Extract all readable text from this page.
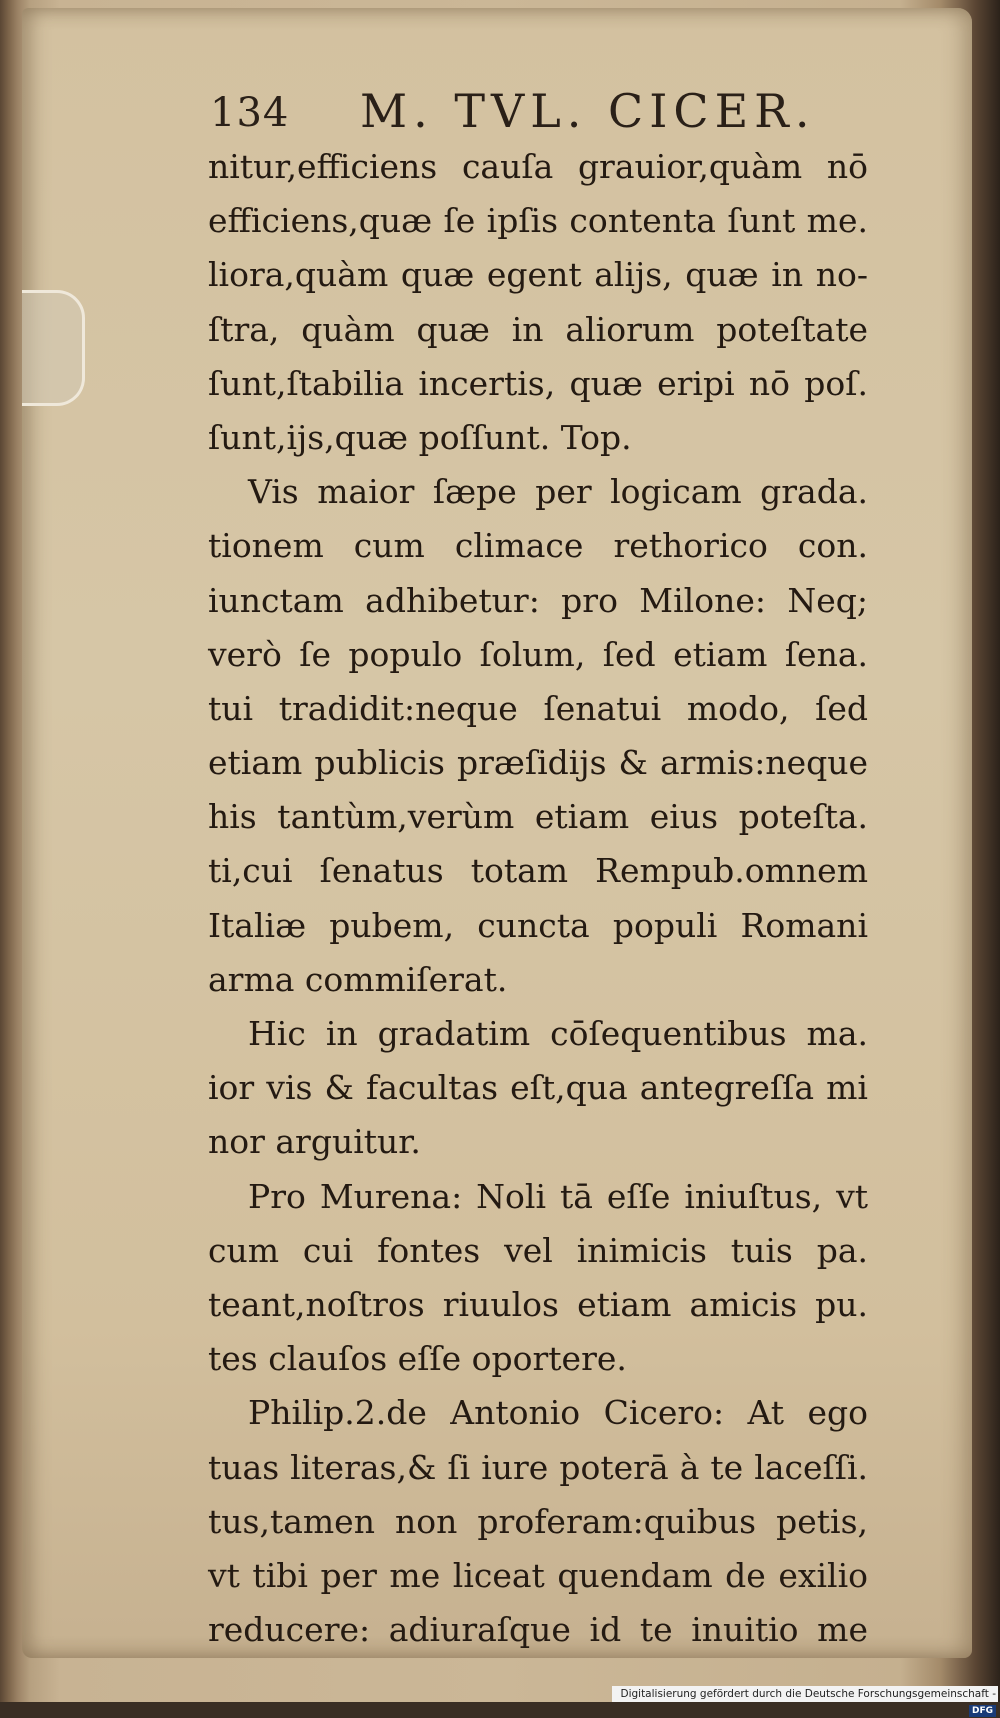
134 M. TVL. CICER.
nitur,efficiens cauſa grauior,quàm nō
efficiens,quæ ſe ipſis contenta ſunt me.
liora,quàm quæ egent alijs, quæ in no-
ſtra, quàm quæ in aliorum poteſtate
ſunt,ſtabilia incertis, quæ eripi nō poſ.
ſunt,ijs,quæ poſſunt. Top.
Vis maior ſæpe per logicam grada.
tionem cum climace rethorico con.
iunctam adhibetur: pro Milone: Neq;
verò ſe populo ſolum, ſed etiam ſena.
tui tradidit:neque ſenatui modo, ſed
etiam publicis præſidijs & armis:neque
his tantùm,verùm etiam eius poteſta.
ti,cui ſenatus totam Rempub.omnem
Italiæ pubem, cuncta populi Romani
arma commiſerat.
Hic in gradatim cōſequentibus ma.
ior vis & facultas eſt,qua antegreſſa mi
nor arguitur.
Pro Murena: Noli tā eſſe iniuſtus, vt
cum cui fontes vel inimicis tuis pa.
teant,noſtros riuulos etiam amicis pu.
tes clauſos eſſe oportere.
Philip.2.de Antonio Cicero: At ego
tuas literas,& ſi iure poterā à te laceſſi.
tus,tamen non proferam:quibus petis,
vt tibi per me liceat quendam de exilio
reducere: adiuraſque id te inuitio me
Digitalisierung gefördert durch die Deutsche Forschungsgemeinschaft -DFG
